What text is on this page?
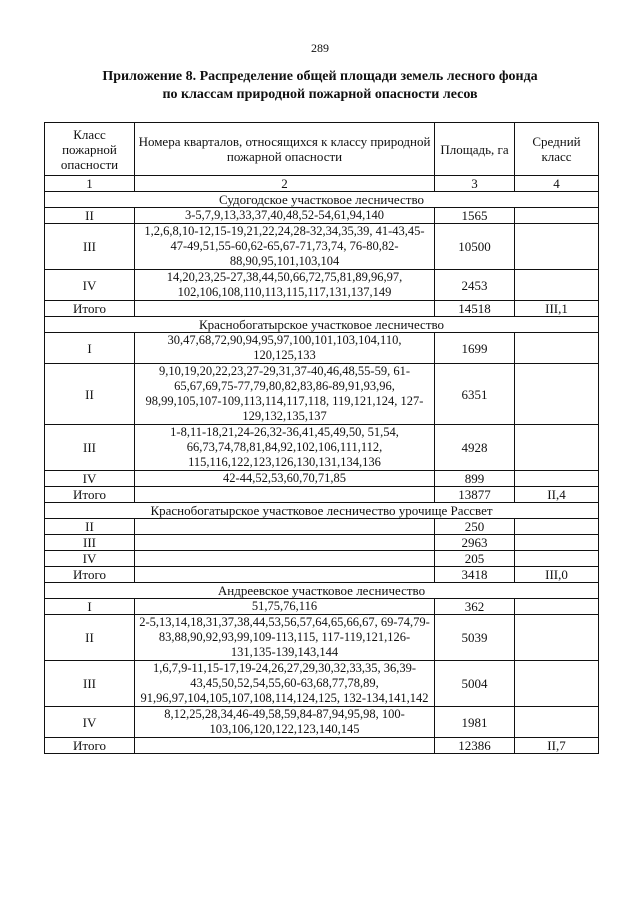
289
Приложение 8. Распределение общей площади земель лесного фонда
по классам природной пожарной опасности лесов
Класс пожарной опасности	Номера кварталов, относящихся к классу природной пожарной опасности	Площадь, га	Средний класс
1	2	3	4
Судогодское участковое лесничество			
II	3-5,7,9,13,33,37,40,48,52-54,61,94,140	1565	
III	1,2,6,8,10-12,15-19,21,22,24,28-32,34,35,39, 41-43,45-47-49,51,55-60,62-65,67-71,73,74, 76-80,82-88,90,95,101,103,104	10500	
IV	14,20,23,25-27,38,44,50,66,72,75,81,89,96,97, 102,106,108,110,113,115,117,131,137,149	2453	
Итого		14518	III,1
Краснобогатырское участковое лесничество			
I	30,47,68,72,90,94,95,97,100,101,103,104,110, 120,125,133	1699	
II	9,10,19,20,22,23,27-29,31,37-40,46,48,55-59, 61-65,67,69,75-77,79,80,82,83,86-89,91,93,96, 98,99,105,107-109,113,114,117,118, 119,121,124, 127-129,132,135,137	6351	
III	1-8,11-18,21,24-26,32-36,41,45,49,50, 51,54, 66,73,74,78,81,84,92,102,106,111,112, 115,116,122,123,126,130,131,134,136	4928	
IV	42-44,52,53,60,70,71,85	899	
Итого		13877	II,4
Краснобогатырское участковое лесничество урочище Рассвет			
II		250	
III		2963	
IV		205	
Итого		3418	III,0
Андреевское участковое лесничество			
I	51,75,76,116	362	
II	2-5,13,14,18,31,37,38,44,53,56,57,64,65,66,67, 69-74,79-83,88,90,92,93,99,109-113,115, 117-119,121,126-131,135-139,143,144	5039	
III	1,6,7,9-11,15-17,19-24,26,27,29,30,32,33,35, 36,39-43,45,50,52,54,55,60-63,68,77,78,89, 91,96,97,104,105,107,108,114,124,125, 132-134,141,142	5004	
IV	8,12,25,28,34,46-49,58,59,84-87,94,95,98, 100-103,106,120,122,123,140,145	1981	
Итого		12386	II,7
